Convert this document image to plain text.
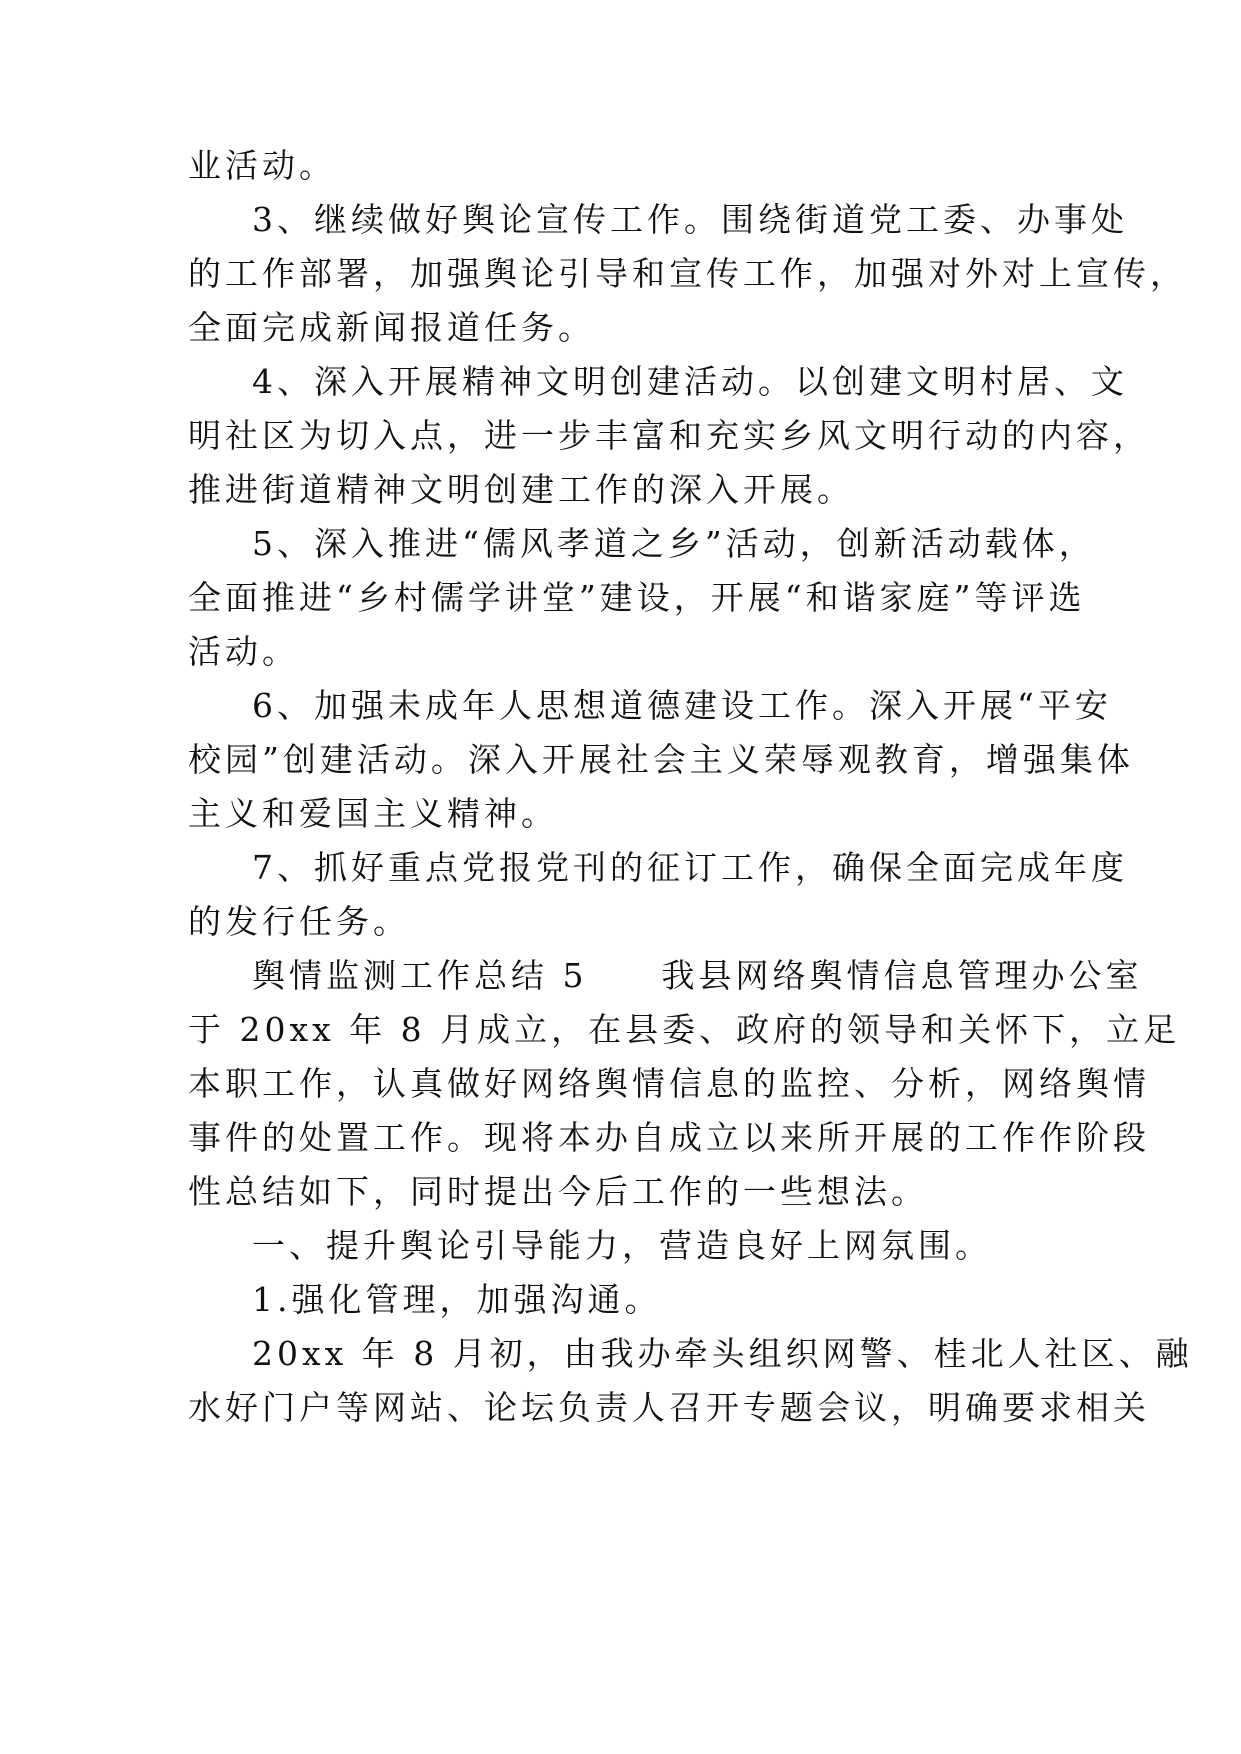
业活动。
3、继续做好舆论宣传工作。围绕街道党工委、办事处
的工作部署，加强舆论引导和宣传工作，加强对外对上宣传，
全面完成新闻报道任务。
4、深入开展精神文明创建活动。以创建文明村居、文
明社区为切入点，进一步丰富和充实乡风文明行动的内容，
推进街道精神文明创建工作的深入开展。
5、深入推进“儒风孝道之乡”活动，创新活动载体，
全面推进“乡村儒学讲堂”建设，开展“和谐家庭”等评选
活动。
6、加强未成年人思想道德建设工作。深入开展“平安
校园”创建活动。深入开展社会主义荣辱观教育，增强集体
主义和爱国主义精神。
7、抓好重点党报党刊的征订工作，确保全面完成年度
的发行任务。
舆情监测工作总结 5　　我县网络舆情信息管理办公室
于 20xx 年 8 月成立，在县委、政府的领导和关怀下，立足
本职工作，认真做好网络舆情信息的监控、分析，网络舆情
事件的处置工作。现将本办自成立以来所开展的工作作阶段
性总结如下，同时提出今后工作的一些想法。
一、提升舆论引导能力，营造良好上网氛围。
1.强化管理，加强沟通。
20xx 年 8 月初，由我办牵头组织网警、桂北人社区、融
水好门户等网站、论坛负责人召开专题会议，明确要求相关
